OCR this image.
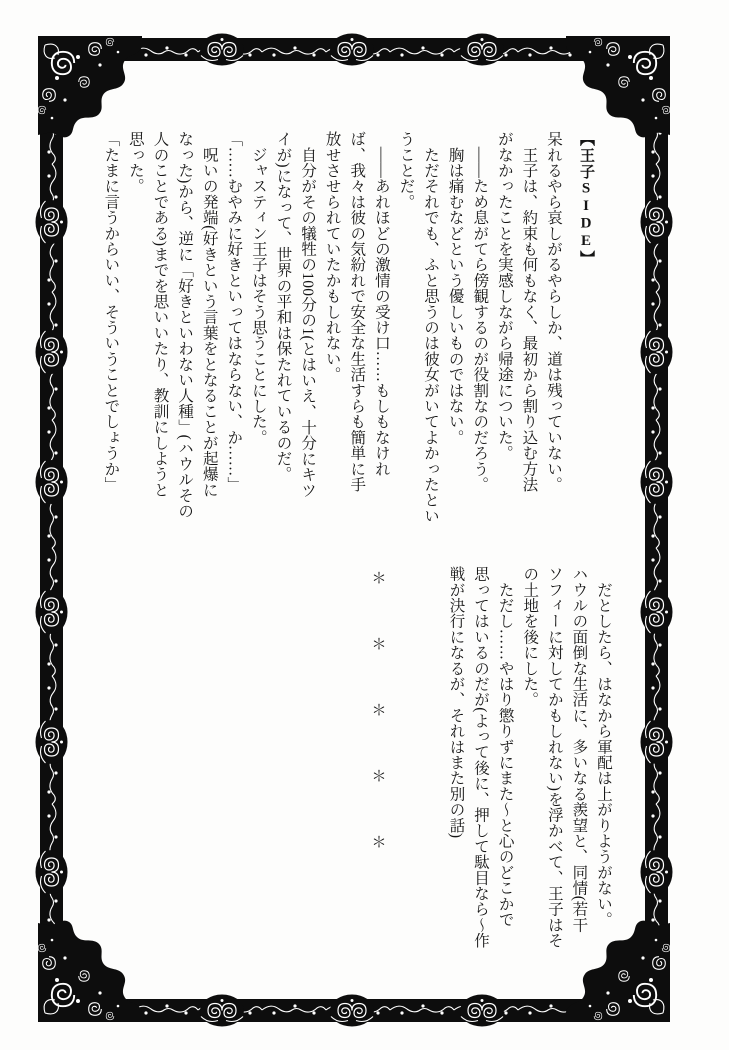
【王子SIDE】
呆れるやら哀しがるやらしか、道は残っていない。
　王子は、約束も何もなく、最初から割り込む方法
がなかったことを実感しながら帰途についた。
　――ため息がてら傍観するのが役割なのだろう。
　胸は痛むなどという優しいものではない。
　ただそれでも、ふと思うのは彼女がいてよかったとい
うことだ。
　――あれほどの激情の受け口……もしもなけれ
ば、我々は彼の気紛れで安全な生活すらも簡単に手
放せさせられていたかもしれない。
　自分がその犠牲の100分の1(とはいえ、十分にキツ
イが)になって、世界の平和は保たれているのだ。
　ジャスティン王子はそう思うことにした。
「……むやみに好きといってはならない、か……」
　呪いの発端(好きという言葉をとなることが起爆に
なった)から、逆に「好きといわない人種」(ハウルその
人のことである)までを思いいたり、教訓にしようと
思った。
「たまに言うからいい、そういうことでしょうか」
＊
＊
＊
＊
＊	　だとしたら、はなから軍配は上がりようがない。
ハウルの面倒な生活に、多いなる羨望と、同情(若干
ソフィーに対してかもしれない)を浮かべて、王子はそ
の土地を後にした。
　ただし……やはり懲りずにまた〜と心のどこかで
思ってはいるのだが(よって後に、押して駄目なら〜作
戦が決行になるが、それはまた別の話)
